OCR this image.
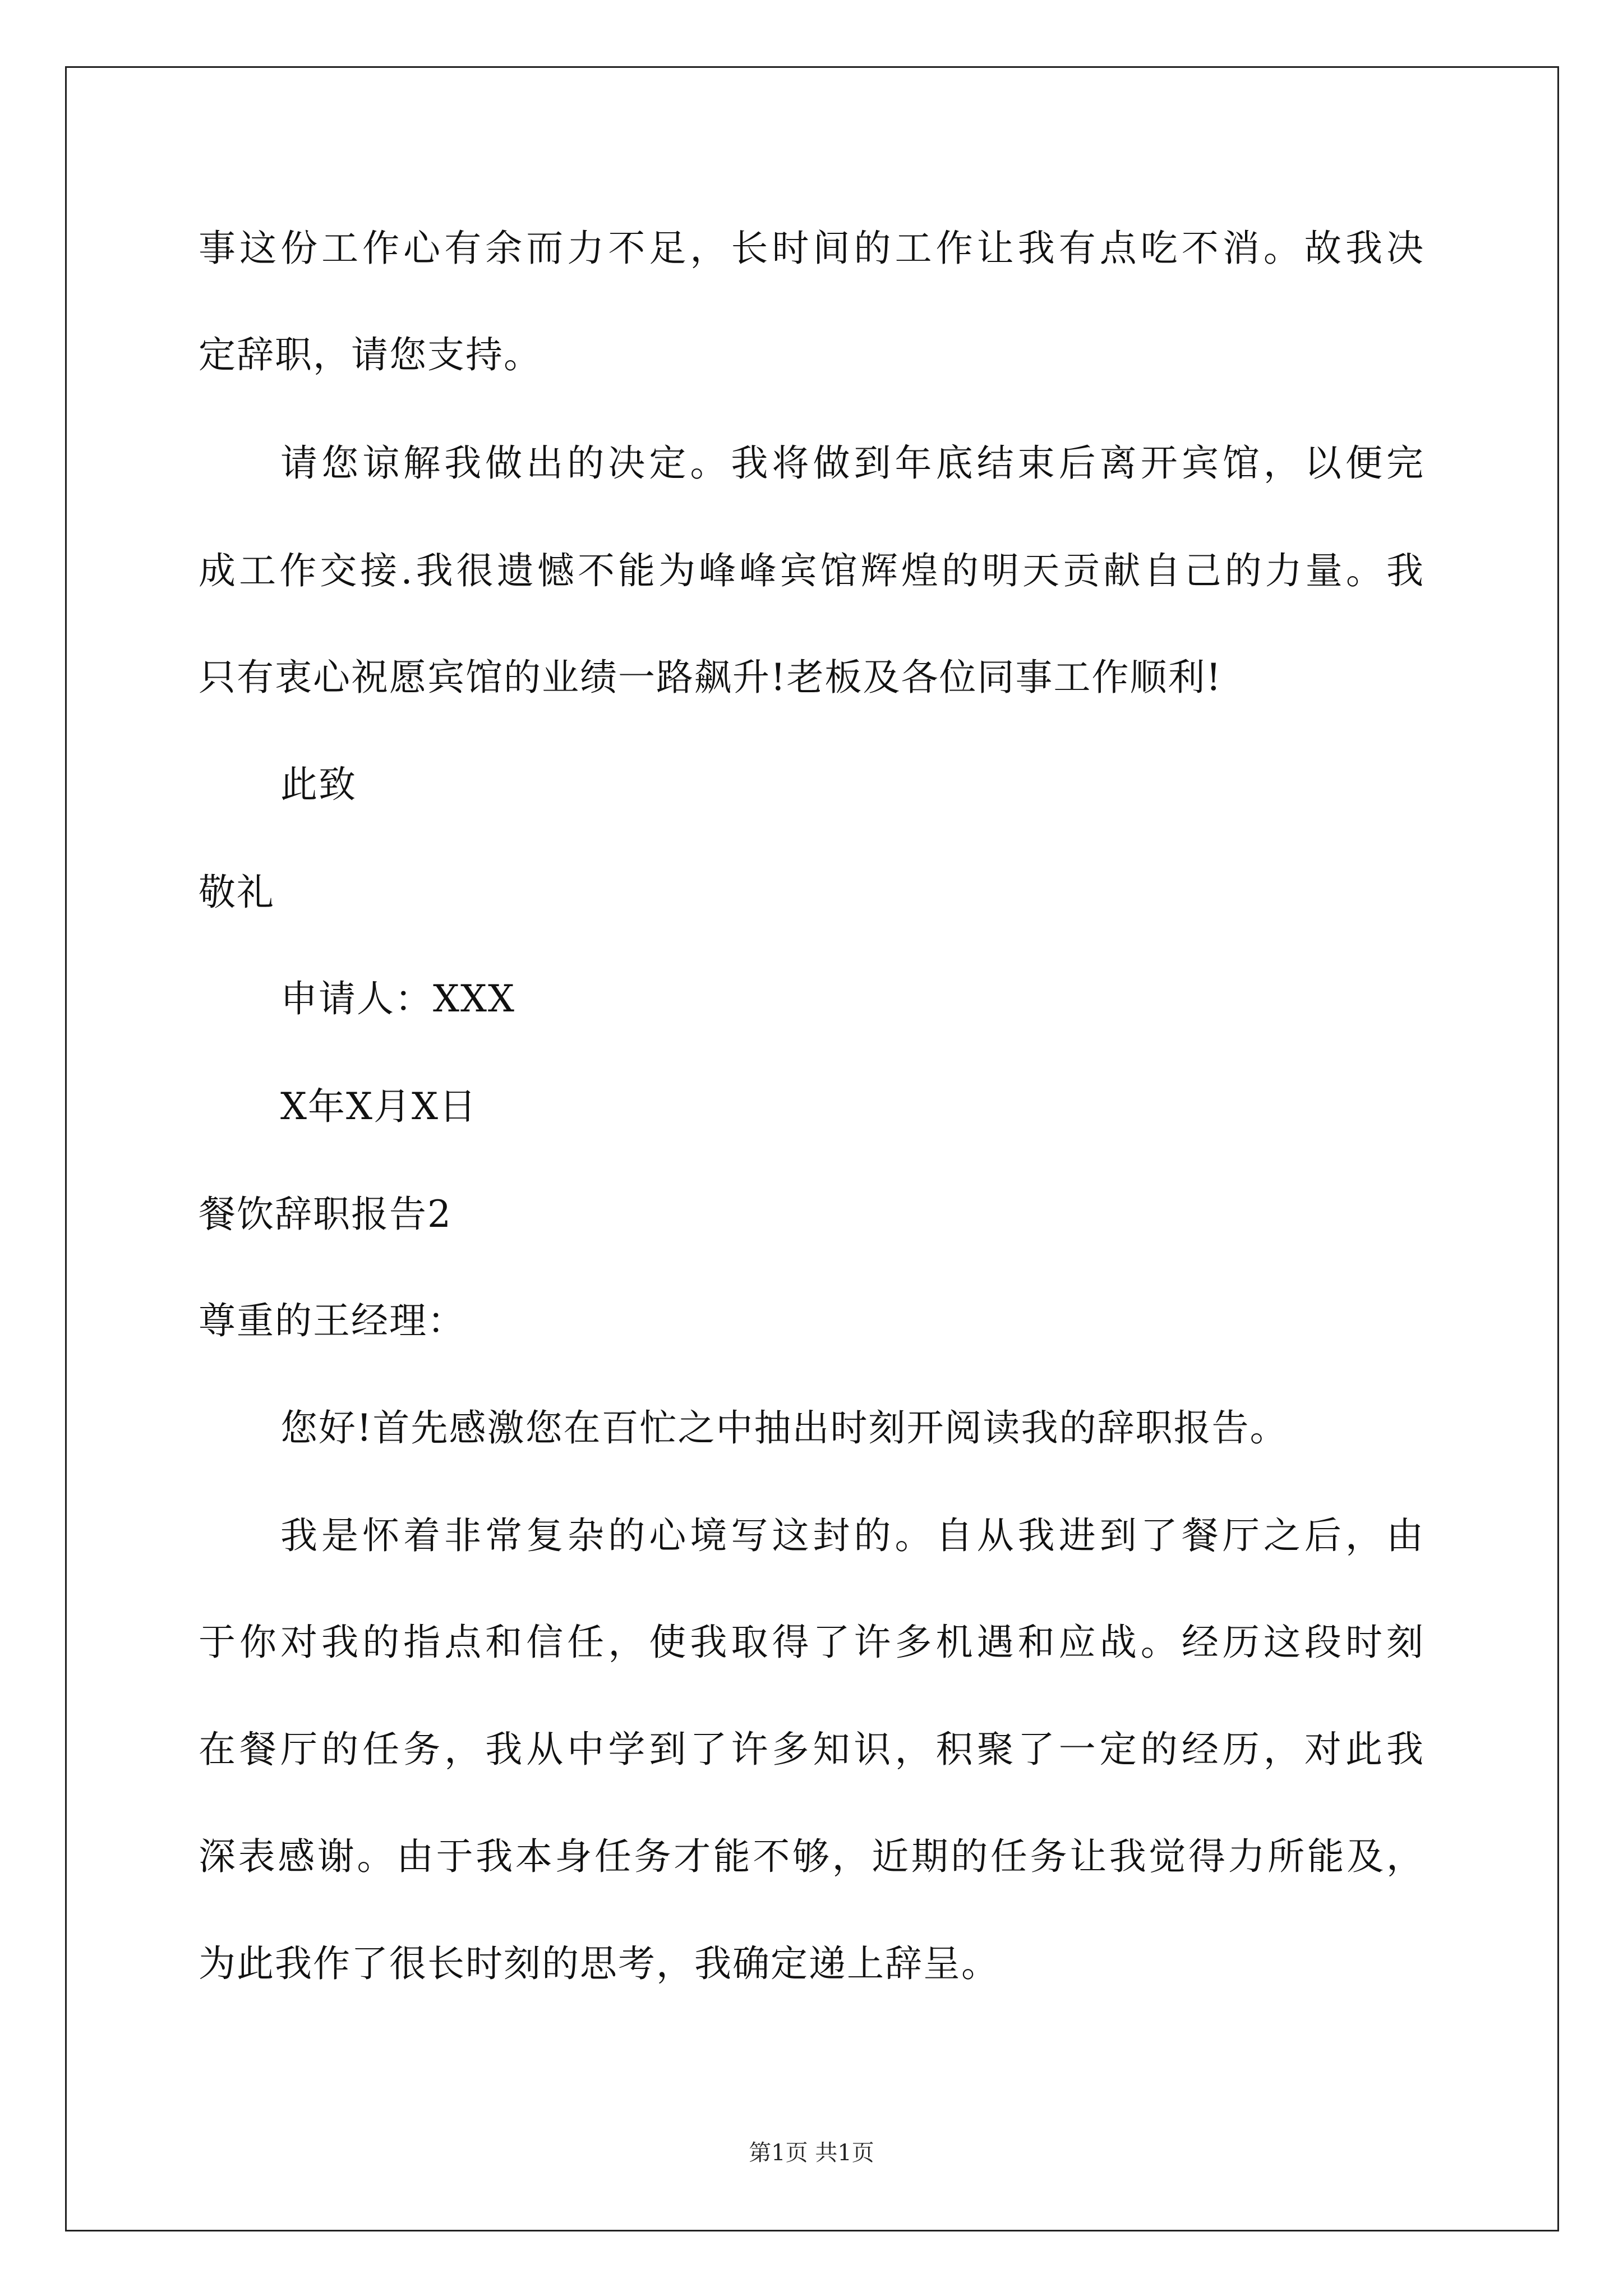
事这份工作心有余而力不足，长时间的工作让我有点吃不消。故我决
定辞职，请您支持。
请您谅解我做出的决定。我将做到年底结束后离开宾馆，以便完
成工作交接.我很遗憾不能为峰峰宾馆辉煌的明天贡献自己的力量。我
只有衷心祝愿宾馆的业绩一路飙升!老板及各位同事工作顺利!
此致
敬礼
申请人：XXX
X年X月X日
餐饮辞职报告2
尊重的王经理：
您好!首先感激您在百忙之中抽出时刻开阅读我的辞职报告。
我是怀着非常复杂的心境写这封的。自从我进到了餐厅之后，由
于你对我的指点和信任，使我取得了许多机遇和应战。经历这段时刻
在餐厅的任务，我从中学到了许多知识，积聚了一定的经历，对此我
深表感谢。由于我本身任务才能不够，近期的任务让我觉得力所能及，
为此我作了很长时刻的思考，我确定递上辞呈。
第1页 共1页
